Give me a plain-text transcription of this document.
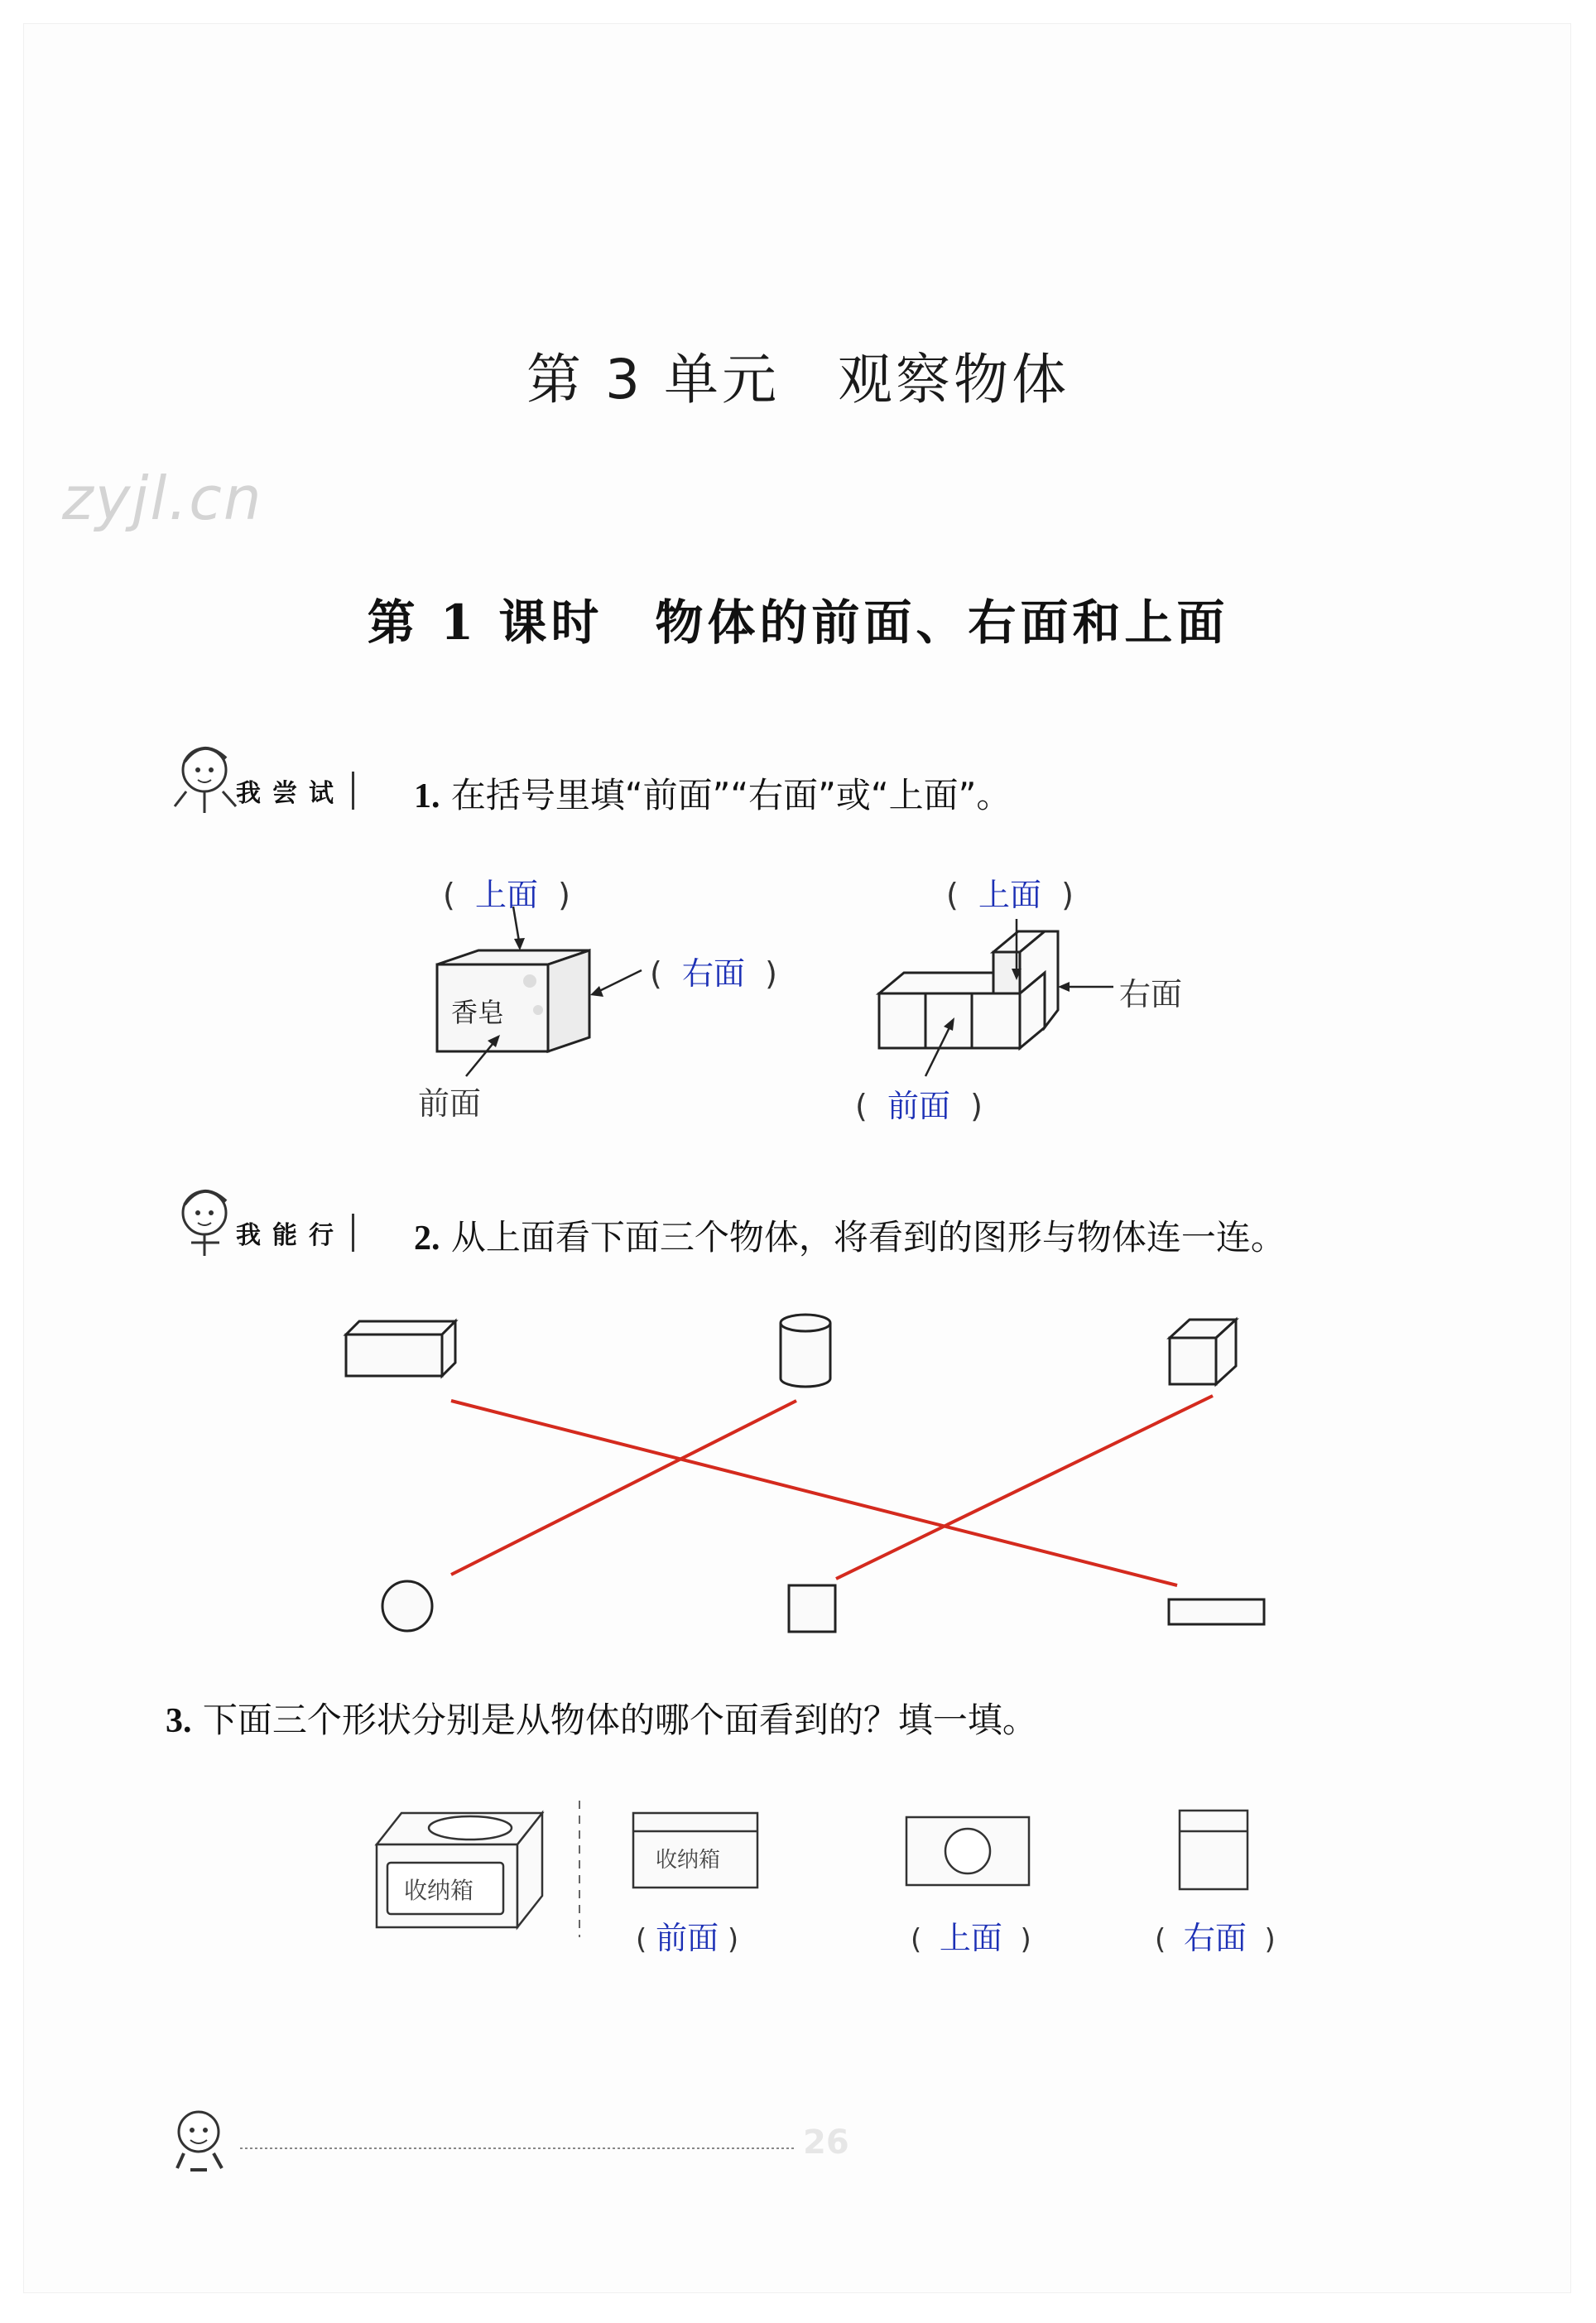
第 3 单元　观察物体
zyjl.cn
第 1 课时　物体的前面、右面和上面
我尝试 1. 在括号里填“前面”“右面”或“上面”。
(  上面  )
(  右面  )
香皂
前面
(  上面  )
右面
(  前面  )
我能行 2. 从上面看下面三个物体，将看到的图形与物体连一连。
3. 下面三个形状分别是从物体的哪个面看到的？填一填。
收纳箱
收纳箱
( 前面 )	(  上面  )	(  右面  )
26
